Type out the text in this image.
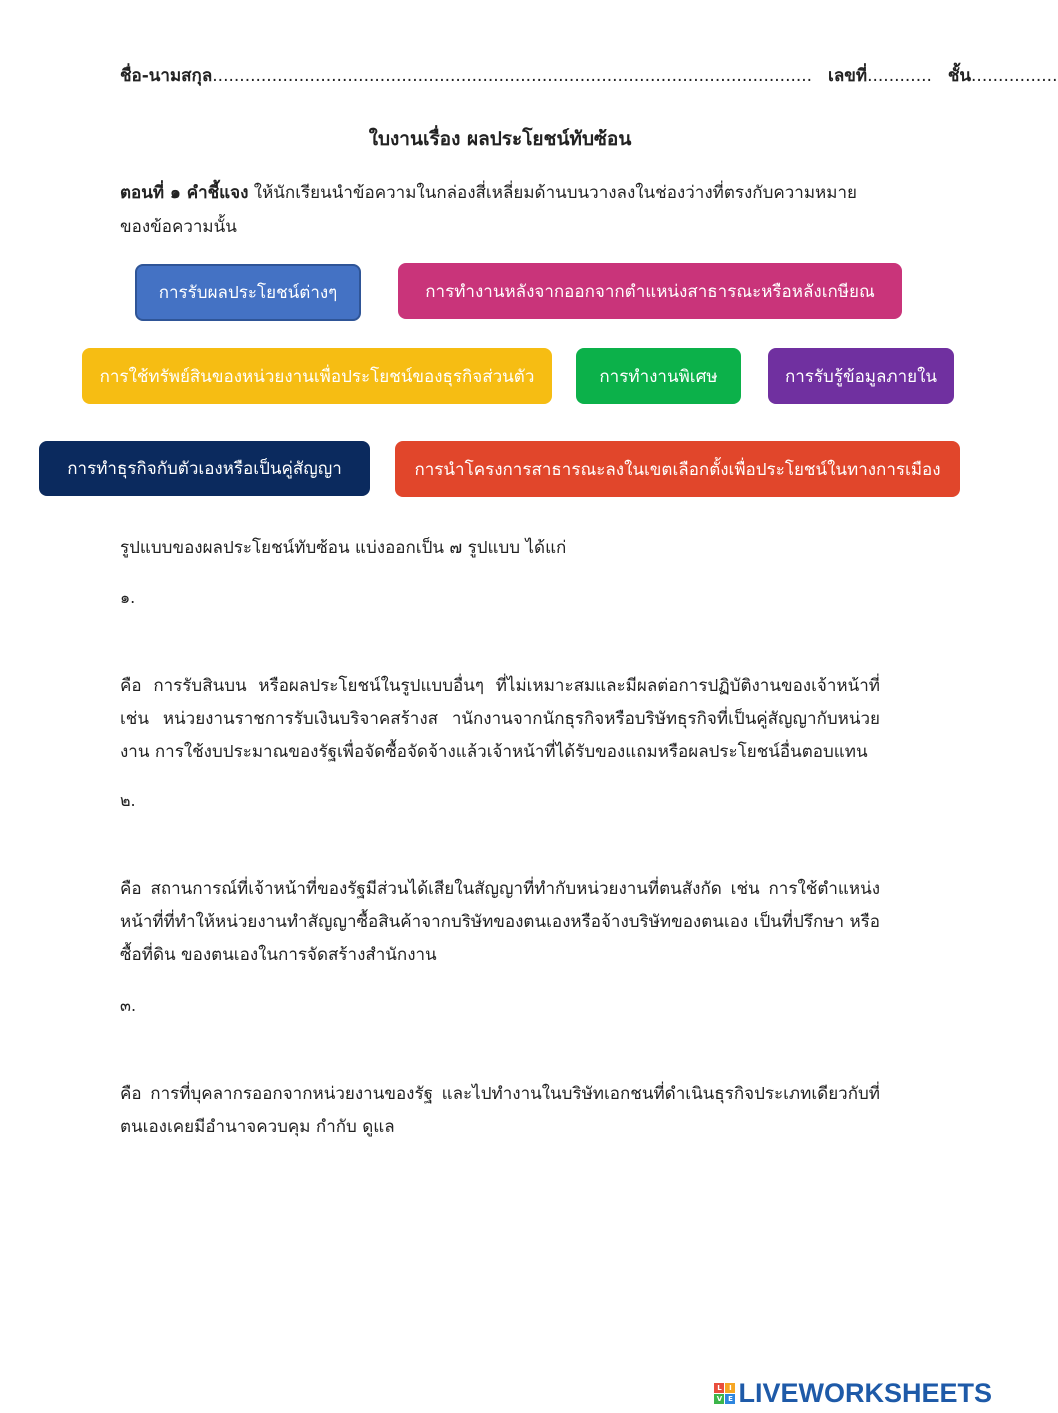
ชื่อ-นามสกุล............................................................................................................... เลขที่............ ชั้น................
ใบงานเรื่อง ผลประโยชน์ทับซ้อน
ตอนที่ ๑ คำชี้แจง ให้นักเรียนนำข้อความในกล่องสี่เหลี่ยมด้านบนวางลงในช่องว่างที่ตรงกับความหมายของข้อความนั้น
การรับผลประโยชน์ต่างๆ	การทำงานหลังจากออกจากตำแหน่งสาธารณะหรือหลังเกษียณ
การใช้ทรัพย์สินของหน่วยงานเพื่อประโยชน์ของธุรกิจส่วนตัว	การทำงานพิเศษ	การรับรู้ข้อมูลภายใน
การทำธุรกิจกับตัวเองหรือเป็นคู่สัญญา	การนำโครงการสาธารณะลงในเขตเลือกตั้งเพื่อประโยชน์ในทางการเมือง
รูปแบบของผลประโยชน์ทับซ้อน แบ่งออกเป็น ๗ รูปแบบ ได้แก่
๑.
คือ การรับสินบน หรือผลประโยชน์ในรูปแบบอื่นๆ ที่ไม่เหมาะสมและมีผลต่อการปฏิบัติงานของเจ้าหน้าที่ เช่น หน่วยงานราชการรับเงินบริจาคสร้างส านักงานจากนักธุรกิจหรือบริษัทธุรกิจที่เป็นคู่สัญญากับหน่วยงาน การใช้งบประมาณของรัฐเพื่อจัดซื้อจัดจ้างแล้วเจ้าหน้าที่ได้รับของแถมหรือผลประโยชน์อื่นตอบแทน
๒.
คือ สถานการณ์ที่เจ้าหน้าที่ของรัฐมีส่วนได้เสียในสัญญาที่ทำกับหน่วยงานที่ตนสังกัด เช่น การใช้ตำแหน่งหน้าที่ที่ทำให้หน่วยงานทำสัญญาซื้อสินค้าจากบริษัทของตนเองหรือจ้างบริษัทของตนเอง เป็นที่ปรึกษา หรือซื้อที่ดิน ของตนเองในการจัดสร้างสำนักงาน
๓.
คือ การที่บุคลากรออกจากหน่วยงานของรัฐ และไปทำงานในบริษัทเอกชนที่ดำเนินธุรกิจประเภทเดียวกับที่ตนเองเคยมีอำนาจควบคุม กำกับ ดูแล
L	I
V E LIVEWORKSHEETS
